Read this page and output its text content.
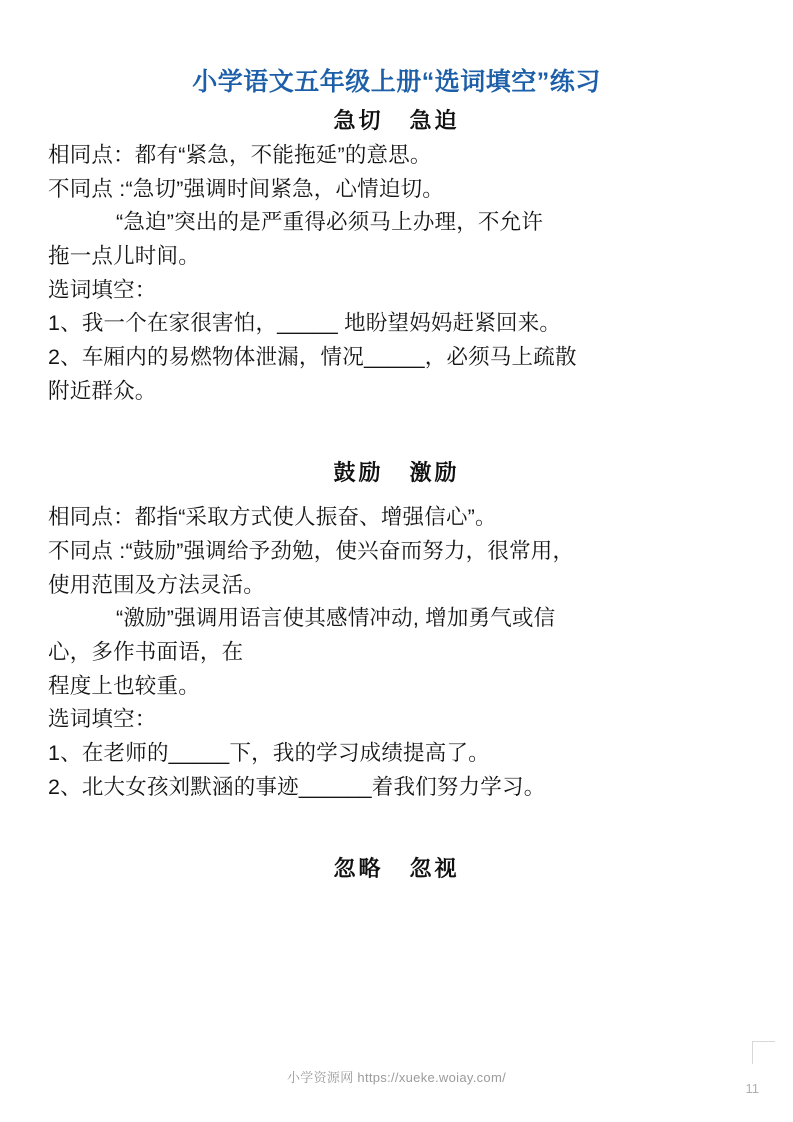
小学语文五年级上册“选词填空”练习
急切 急迫
相同点：都有“紧急，不能拖延”的意思。
不同点 :“急切”强调时间紧急，心情迫切。
“急迫”突出的是严重得必须马上办理，不允许
拖一点儿时间。
选词填空：
1、我一个在家很害怕，_____ 地盼望妈妈赶紧回来。
2、车厢内的易燃物体泄漏，情况_____，必须马上疏散
附近群众。
鼓励 激励
相同点：都指“采取方式使人振奋、增强信心”。
不同点 :“鼓励”强调给予劲勉，使兴奋而努力，很常用，
使用范围及方法灵活。
“激励”强调用语言使其感情冲动, 增加勇气或信
心，多作书面语，在
程度上也较重。
选词填空：
1、在老师的_____下，我的学习成绩提高了。
2、北大女孩刘默涵的事迹______着我们努力学习。
忽略 忽视
小学资源网 https://xueke.woiay.com/
11
